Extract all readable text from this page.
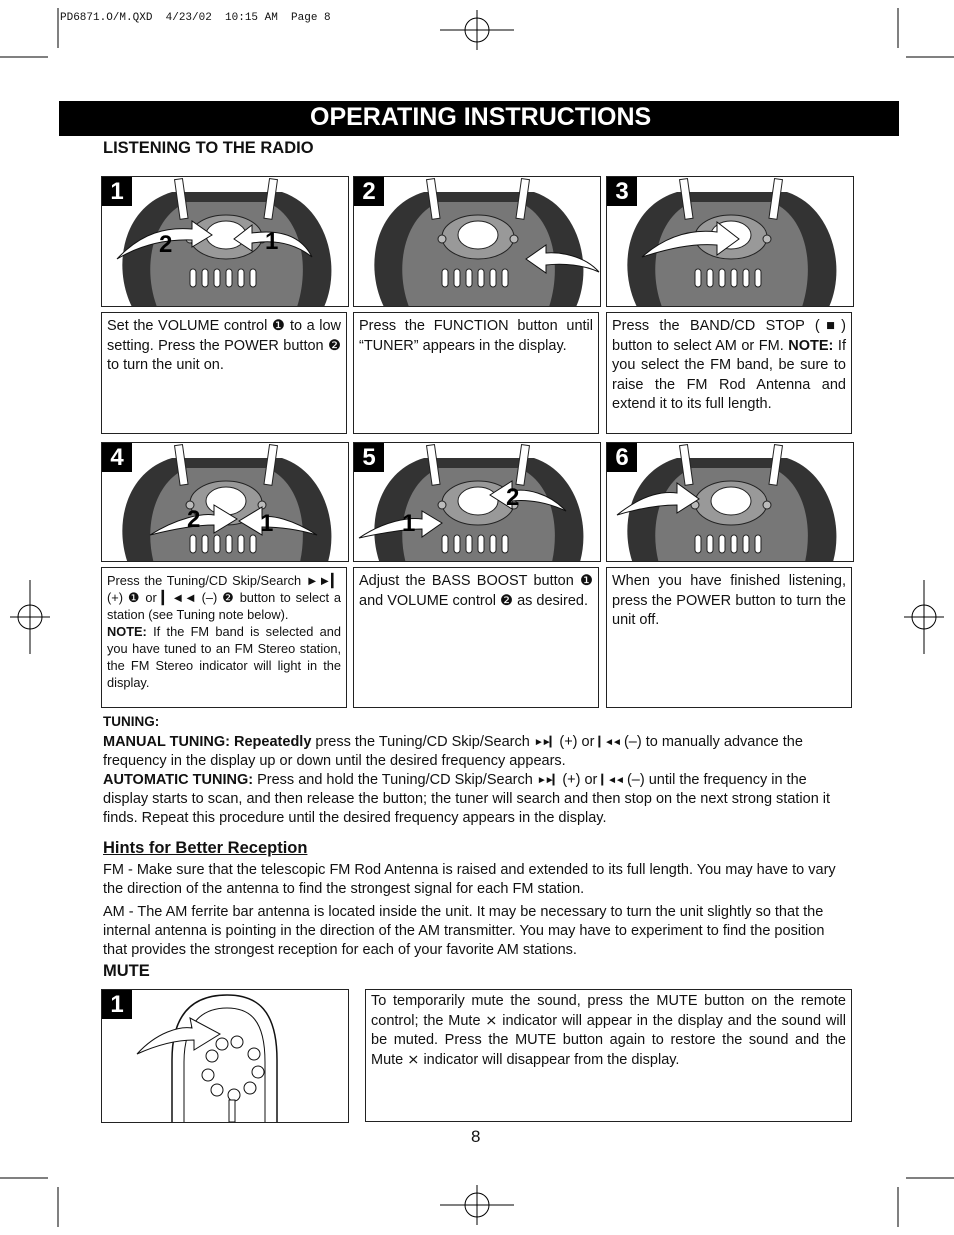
PD6871.O/M.QXD  4/23/02  10:15 AM  Page 8
OPERATING INSTRUCTIONS
LISTENING TO THE RADIO
2	1
1	2	3
Set the VOLUME control ❶ to a low setting. Press the POWER button ❷ to turn the unit on.
Press the FUNCTION button until “TUNER” appears in the display.
Press the BAND/CD STOP (■) button to select AM or FM. NOTE: If you select the FM band, be sure to raise the FM Rod Antenna and extend it to its full length.
2 1
4
1
2
5	6
Press the Tuning/CD Skip/Search ►►▎ (+) ❶ or ▎◄◄ (–) ❷ button to select a station (see Tuning note below).
NOTE: If the FM band is selected and you have tuned to an FM Stereo station, the FM Stereo indicator will light in the display.
Adjust the BASS BOOST button ❶ and VOLUME control ❷ as desired.
When you have finished listening, press the POWER button to turn the unit off.
TUNING:
MANUAL TUNING: Repeatedly press the Tuning/CD Skip/Search ►►▎ (+) or ▎◄◄ (–) to manually advance the frequency in the display up or down until the desired frequency appears.
AUTOMATIC TUNING: Press and hold the Tuning/CD Skip/Search ►►▎ (+) or ▎◄◄ (–) until the frequency in the display starts to scan, and then release the button; the tuner will search and then stop on the next strong station it finds. Repeat this procedure until the desired frequency appears in the display.
Hints for Better Reception
FM - Make sure that the telescopic FM Rod Antenna is raised and extended to its full length. You may have to vary the direction of the antenna to find the strongest signal for each FM station.
AM - The AM ferrite bar antenna is located inside the unit. It may be necessary to turn the unit slightly so that the internal antenna is pointing in the direction of the AM transmitter. You may have to experiment to find the position that provides the strongest reception for each of your favorite AM stations.
MUTE
1	To temporarily mute the sound, press the MUTE button on the remote control; the Mute ⨯ indicator will appear in the display and the sound will be muted. Press the MUTE button again to restore the sound and the Mute ⨯ indicator will disappear from the display.
8
